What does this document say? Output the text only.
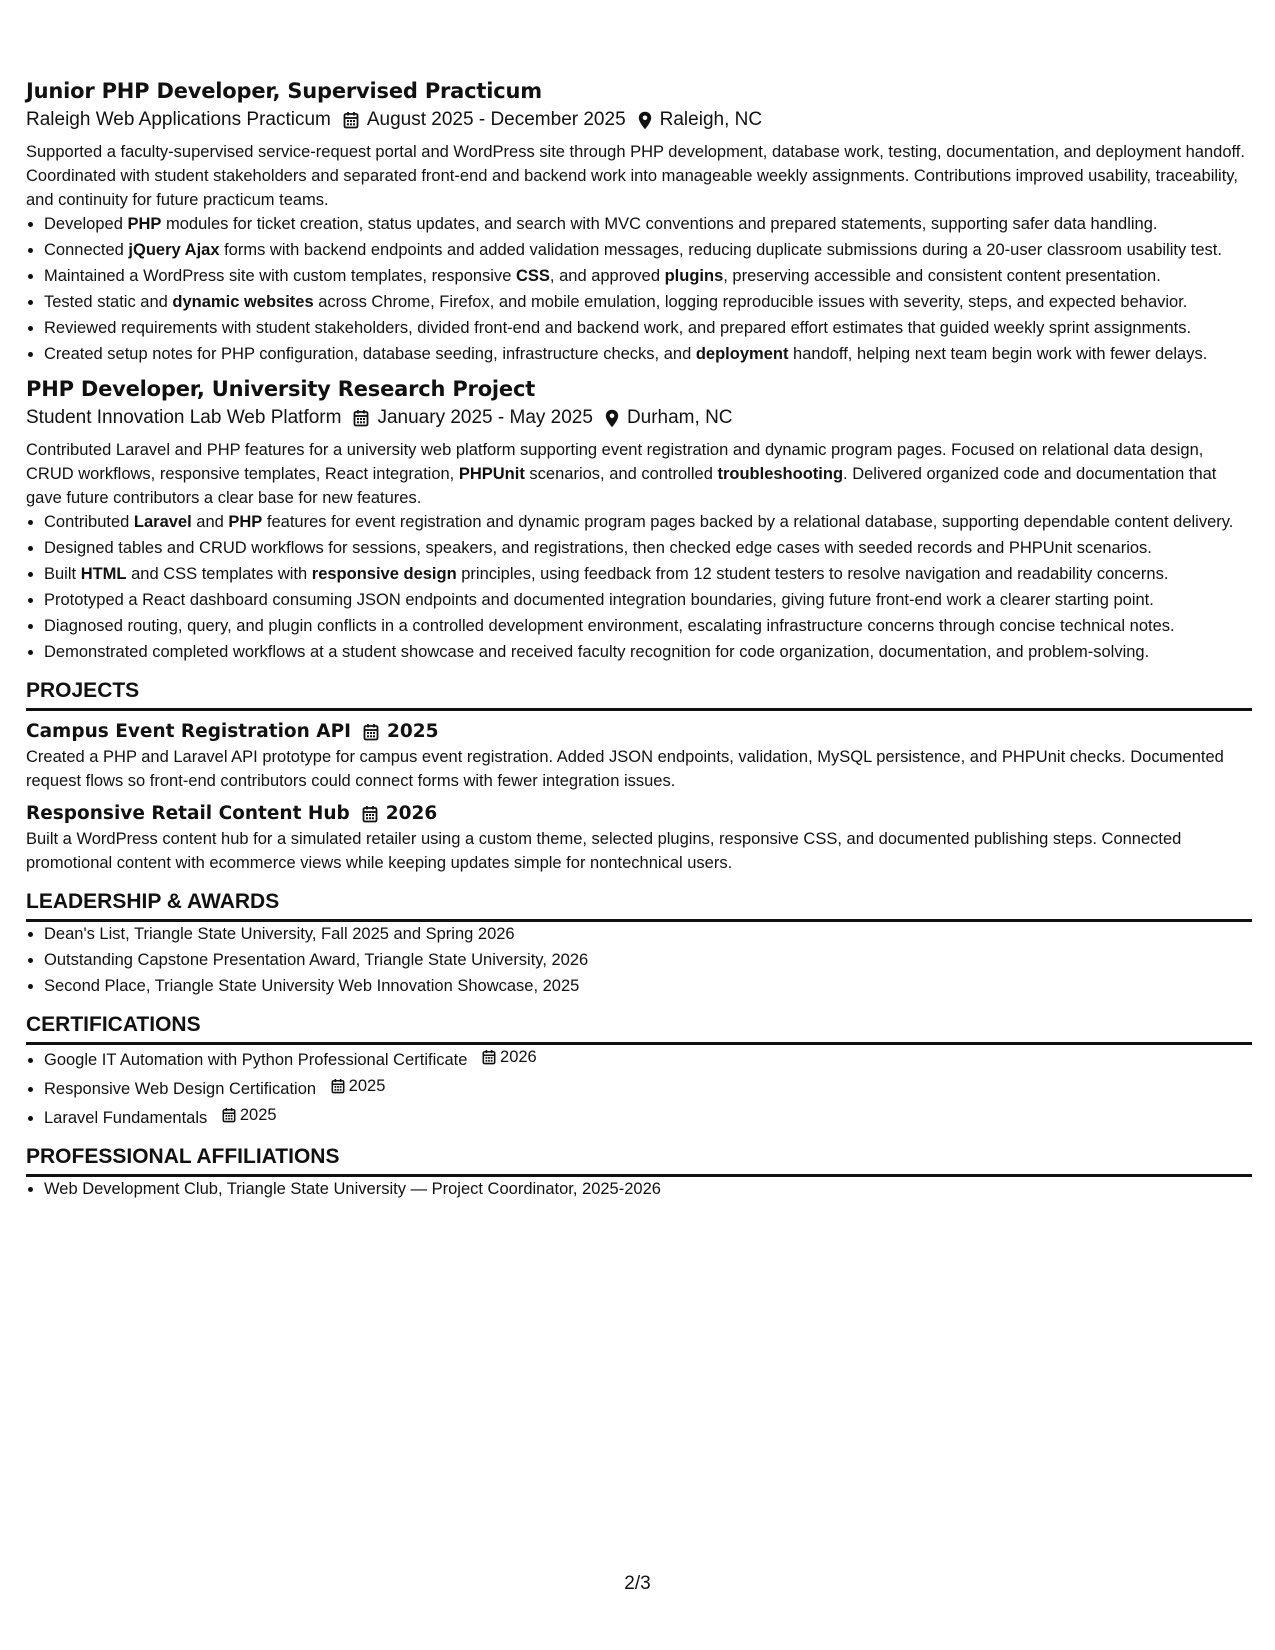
Junior PHP Developer, Supervised Practicum
Raleigh Web Applications Practicum August 2025 - December 2025 Raleigh, NC

Supported a faculty-supervised service-request portal and WordPress site through PHP development, database work, testing, documentation, and deployment handoff. Coordinated with student stakeholders and separated front-end and backend work into manageable weekly assignments. Contributions improved usability, traceability, and continuity for future practicum teams.

• Developed PHP modules for ticket creation, status updates, and search with MVC conventions and prepared statements, supporting safer data handling.
• Connected jQuery Ajax forms with backend endpoints and added validation messages, reducing duplicate submissions during a 20-user classroom usability test.
• Maintained a WordPress site with custom templates, responsive CSS, and approved plugins, preserving accessible and consistent content presentation.
• Tested static and dynamic websites across Chrome, Firefox, and mobile emulation, logging reproducible issues with severity, steps, and expected behavior.
• Reviewed requirements with student stakeholders, divided front-end and backend work, and prepared effort estimates that guided weekly sprint assignments.
• Created setup notes for PHP configuration, database seeding, infrastructure checks, and deployment handoff, helping next team begin work with fewer delays.
PHP Developer, University Research Project
Student Innovation Lab Web Platform January 2025 - May 2025 Durham, NC

Contributed Laravel and PHP features for a university web platform supporting event registration and dynamic program pages. Focused on relational data design, CRUD workflows, responsive templates, React integration, PHPUnit scenarios, and controlled troubleshooting. Delivered organized code and documentation that gave future contributors a clear base for new features.

• Contributed Laravel and PHP features for event registration and dynamic program pages backed by a relational database, supporting dependable content delivery.
• Designed tables and CRUD workflows for sessions, speakers, and registrations, then checked edge cases with seeded records and PHPUnit scenarios.
• Built HTML and CSS templates with responsive design principles, using feedback from 12 student testers to resolve navigation and readability concerns.
• Prototyped a React dashboard consuming JSON endpoints and documented integration boundaries, giving future front-end work a clearer starting point.
• Diagnosed routing, query, and plugin conflicts in a controlled development environment, escalating infrastructure concerns through concise technical notes.
• Demonstrated completed workflows at a student showcase and received faculty recognition for code organization, documentation, and problem-solving.
PROJECTS
Campus Event Registration API 2025

Created a PHP and Laravel API prototype for campus event registration. Added JSON endpoints, validation, MySQL persistence, and PHPUnit checks. Documented request flows so front-end contributors could connect forms with fewer integration issues.

Responsive Retail Content Hub 2026

Built a WordPress content hub for a simulated retailer using a custom theme, selected plugins, responsive CSS, and documented publishing steps. Connected promotional content with ecommerce views while keeping updates simple for nontechnical users.

LEADERSHIP & AWARDS
• Dean's List, Triangle State University, Fall 2025 and Spring 2026
• Outstanding Capstone Presentation Award, Triangle State University, 2026
• Second Place, Triangle State University Web Innovation Showcase, 2025
CERTIFICATIONS
• Google IT Automation with Python Professional Certificate 2026
• Responsive Web Design Certification 2025
• Laravel Fundamentals 2025
PROFESSIONAL AFFILIATIONS
• Web Development Club, Triangle State University — Project Coordinator, 2025-2026
2/3
